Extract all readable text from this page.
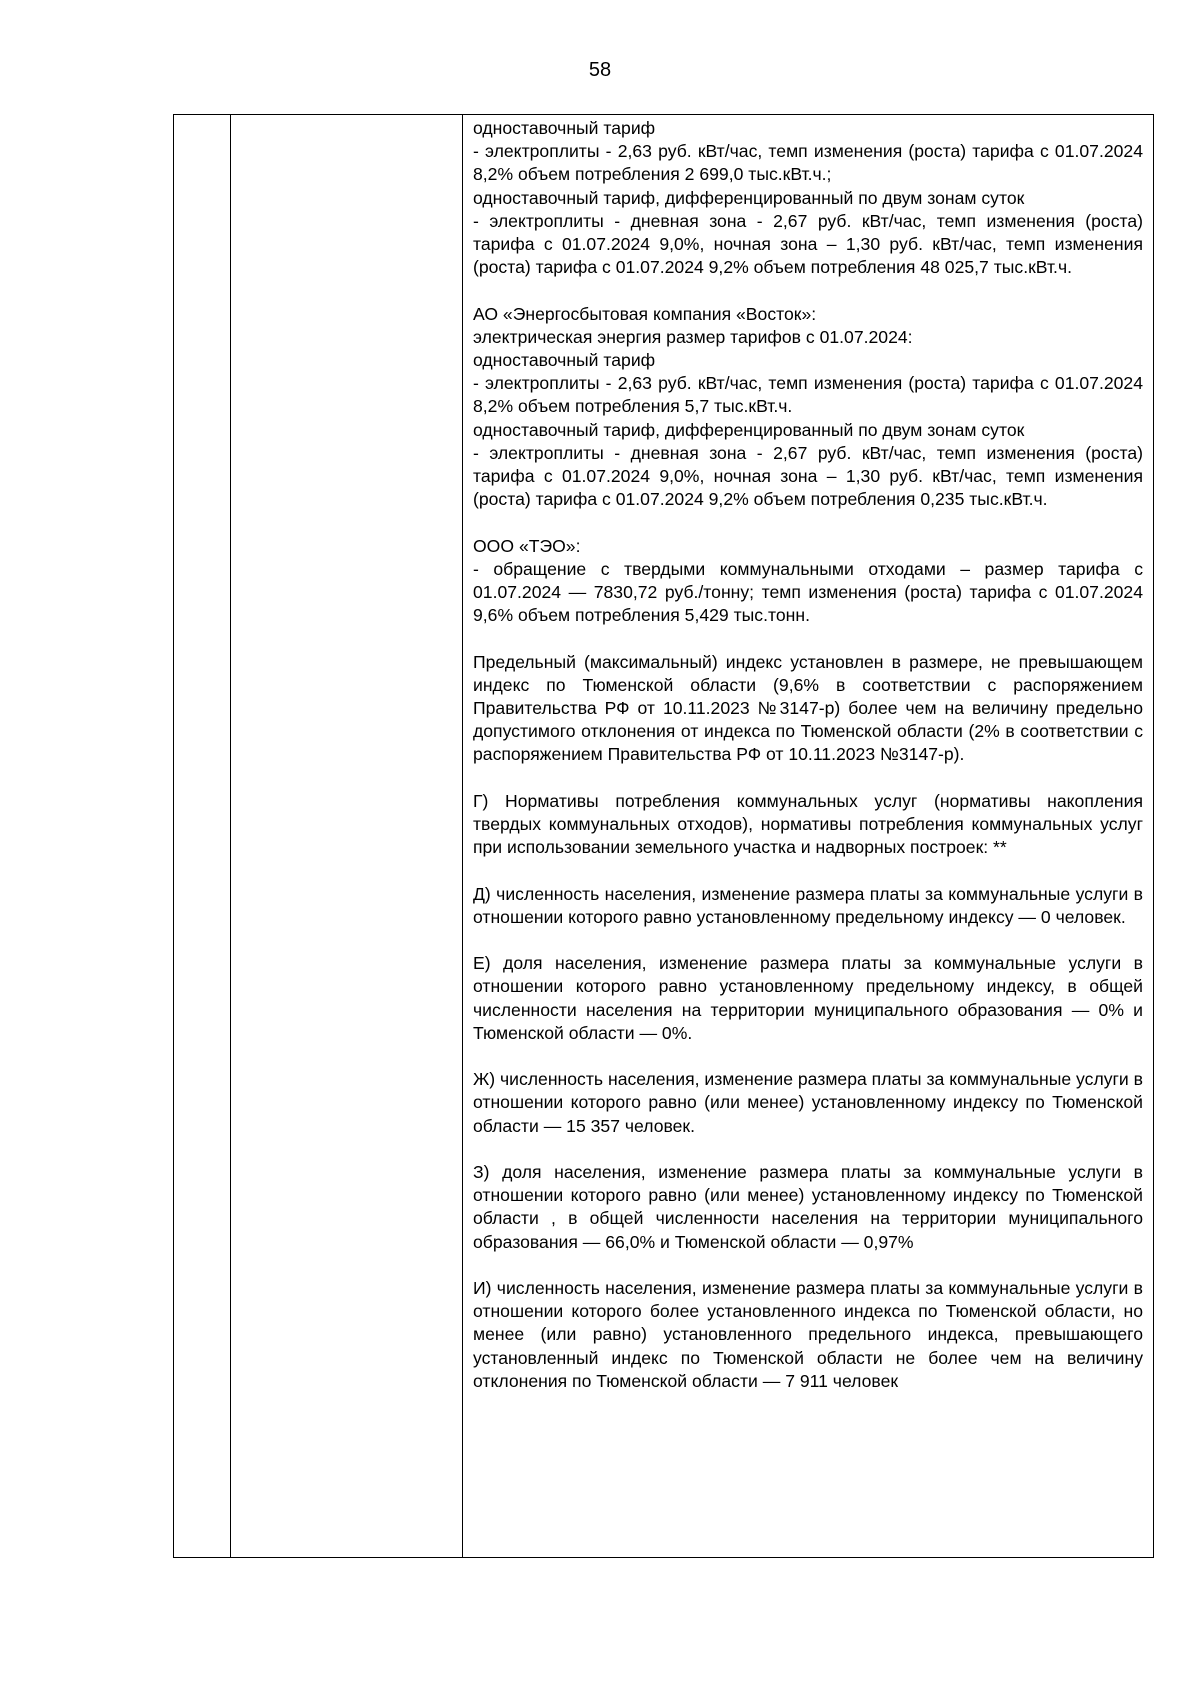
58
одноставочный тариф
- электроплиты - 2,63 руб. кВт/час, темп изменения (роста) тарифа с 01.07.2024 8,2% объем потребления 2 699,0 тыс.кВт.ч.;
одноставочный тариф, дифференцированный по двум зонам суток
- электроплиты - дневная зона - 2,67 руб. кВт/час, темп изменения (роста) тарифа с 01.07.2024 9,0%, ночная зона – 1,30 руб. кВт/час, темп изменения (роста) тарифа с 01.07.2024 9,2% объем потребления 48 025,7 тыс.кВт.ч.
АО «Энергосбытовая компания «Восток»:
электрическая энергия размер тарифов с 01.07.2024:
одноставочный тариф
- электроплиты - 2,63 руб. кВт/час, темп изменения (роста) тарифа с 01.07.2024 8,2% объем потребления 5,7 тыс.кВт.ч.
одноставочный тариф, дифференцированный по двум зонам суток
- электроплиты - дневная зона - 2,67 руб. кВт/час, темп изменения (роста) тарифа с 01.07.2024 9,0%, ночная зона – 1,30 руб. кВт/час, темп изменения (роста) тарифа с 01.07.2024 9,2% объем потребления 0,235 тыс.кВт.ч.
ООО «ТЭО»:
- обращение с твердыми коммунальными отходами – размер тарифа с 01.07.2024 — 7830,72 руб./тонну; темп изменения (роста) тарифа с 01.07.2024 9,6% объем потребления 5,429 тыс.тонн.
Предельный (максимальный) индекс установлен в размере, не превышающем индекс по Тюменской области (9,6% в соответствии с распоряжением Правительства РФ от 10.11.2023 №3147-р) более чем на величину предельно допустимого отклонения от индекса по Тюменской области (2% в соответствии с распоряжением Правительства РФ от 10.11.2023 №3147-р).
Г) Нормативы потребления коммунальных услуг (нормативы накопления твердых коммунальных отходов), нормативы потребления коммунальных услуг при использовании земельного участка и надворных построек: **
Д) численность населения, изменение размера платы за коммунальные услуги в отношении которого равно установленному предельному индексу — 0 человек.
Е) доля населения, изменение размера платы за коммунальные услуги в отношении которого равно установленному предельному индексу, в общей численности населения на территории муниципального образования — 0% и Тюменской области — 0%.
Ж) численность населения, изменение размера платы за коммунальные услуги в отношении которого равно (или менее) установленному индексу по Тюменской области — 15 357 человек.
З) доля населения, изменение размера платы за коммунальные услуги в отношении которого равно (или менее) установленному индексу по Тюменской области , в общей численности населения на территории муниципального образования — 66,0% и Тюменской области — 0,97%
И) численность населения, изменение размера платы за коммунальные услуги в отношении которого более установленного индекса по Тюменской области, но менее (или равно) установленного предельного индекса, превышающего установленный индекс по Тюменской области не более чем на величину отклонения по Тюменской области — 7 911 человек
